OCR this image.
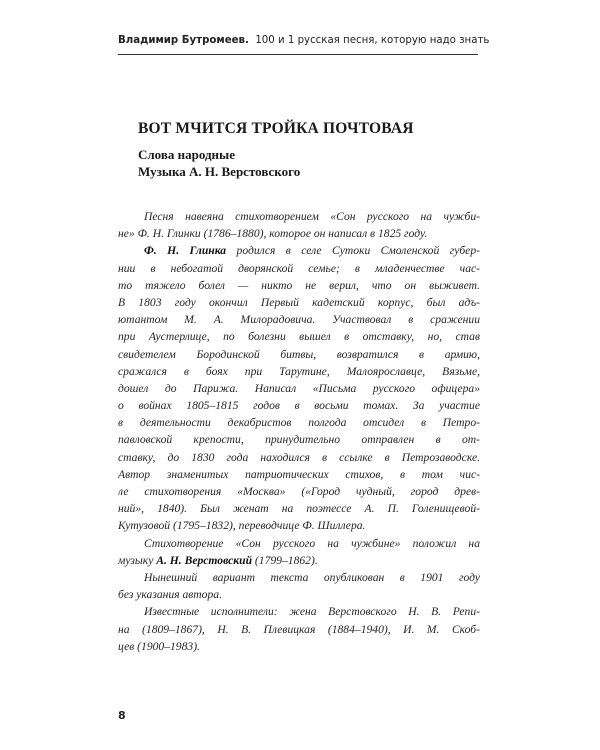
Владимир Бутромеев. 100 и 1 русская песня, которую надо знать
ВОТ МЧИТСЯ ТРОЙКА ПОЧТОВАЯ
Слова народные
Музыка А. Н. Верстовского
Песня навеяна стихотворением «Сон русского на чужби-
не» Ф. Н. Глинки (1786–1880), которое он написал в 1825 году.
Ф. Н. Глинка родился в селе Сутоки Смоленской губер-
нии в небогатой дворянской семье; в младенчестве час-
то тяжело болел — никто не верил, что он выживет.
В 1803 году окончил Первый кадетский корпус, был адъ-
ютантом М. А. Милорадовича. Участвовал в сражении
при Аустерлице, по болезни вышел в отставку, но, став
свидетелем Бородинской битвы, возвратился в армию,
сражался в боях при Тарутине, Малоярославце, Вязьме,
дошел до Парижа. Написал «Письма русского офицера»
о войнах 1805–1815 годов в восьми томах. За участие
в деятельности декабристов полгода отсидел в Петро-
павловской крепости, принудительно отправлен в от-
ставку, до 1830 года находился в ссылке в Петрозаводске.
Автор знаменитых патриотических стихов, в том чис-
ле стихотворения «Москва» («Город чудный, город древ-
ний», 1840). Был женат на поэтессе А. П. Голенищевой-
Кутузовой (1795–1832), переводчице Ф. Шиллера.
Стихотворение «Сон русского на чужбине» положил на
музыку А. Н. Верстовский (1799–1862).
Нынешний вариант текста опубликован в 1901 году
без указания автора.
Известные исполнители: жена Верстовского Н. В. Репи-
на (1809–1867), Н. В. Плевицкая (1884–1940), И. М. Скоб-
цев (1900–1983).
8
